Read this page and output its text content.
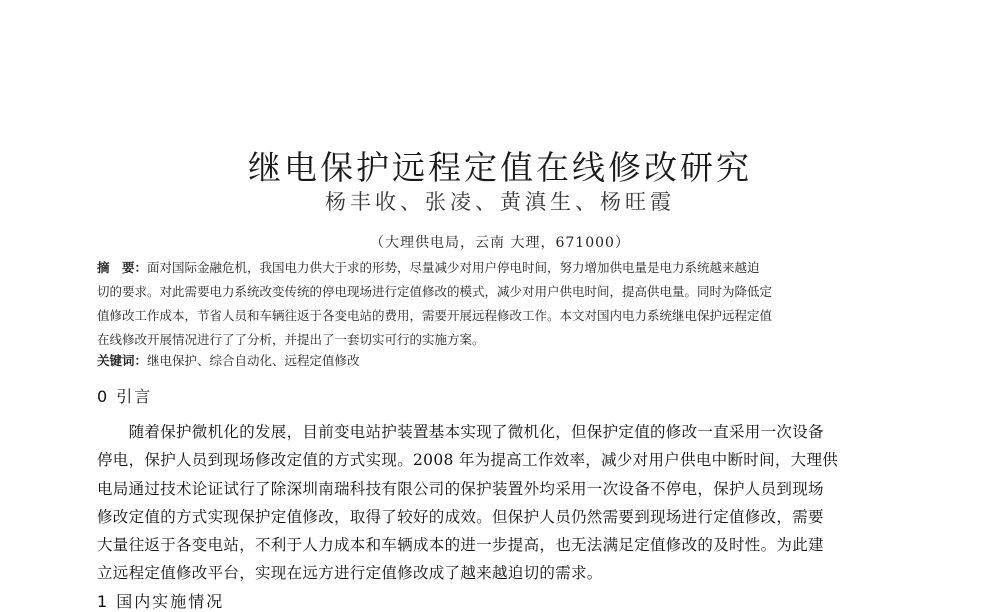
继电保护远程定值在线修改研究
杨丰收、张凌、黄滇生、杨旺霞
（大理供电局，云南 大理，671000）
摘　要：面对国际金融危机，我国电力供大于求的形势，尽量减少对用户停电时间，努力增加供电量是电力系统越来越迫
切的要求。对此需要电力系统改变传统的停电现场进行定值修改的模式，减少对用户供电时间，提高供电量。同时为降低定
值修改工作成本，节省人员和车辆往返于各变电站的费用，需要开展远程修改工作。本文对国内电力系统继电保护远程定值
在线修改开展情况进行了了分析，并提出了一套切实可行的实施方案。
关键词：继电保护、综合自动化、远程定值修改
0 引言
　　随着保护微机化的发展，目前变电站护装置基本实现了微机化，但保护定值的修改一直采用一次设备
停电，保护人员到现场修改定值的方式实现。2008 年为提高工作效率，减少对用户供电中断时间，大理供
电局通过技术论证试行了除深圳南瑞科技有限公司的保护装置外均采用一次设备不停电，保护人员到现场
修改定值的方式实现保护定值修改，取得了较好的成效。但保护人员仍然需要到现场进行定值修改，需要
大量往返于各变电站，不利于人力成本和车辆成本的进一步提高，也无法满足定值修改的及时性。为此建
立远程定值修改平台，实现在远方进行定值修改成了越来越迫切的需求。
1 国内实施情况
